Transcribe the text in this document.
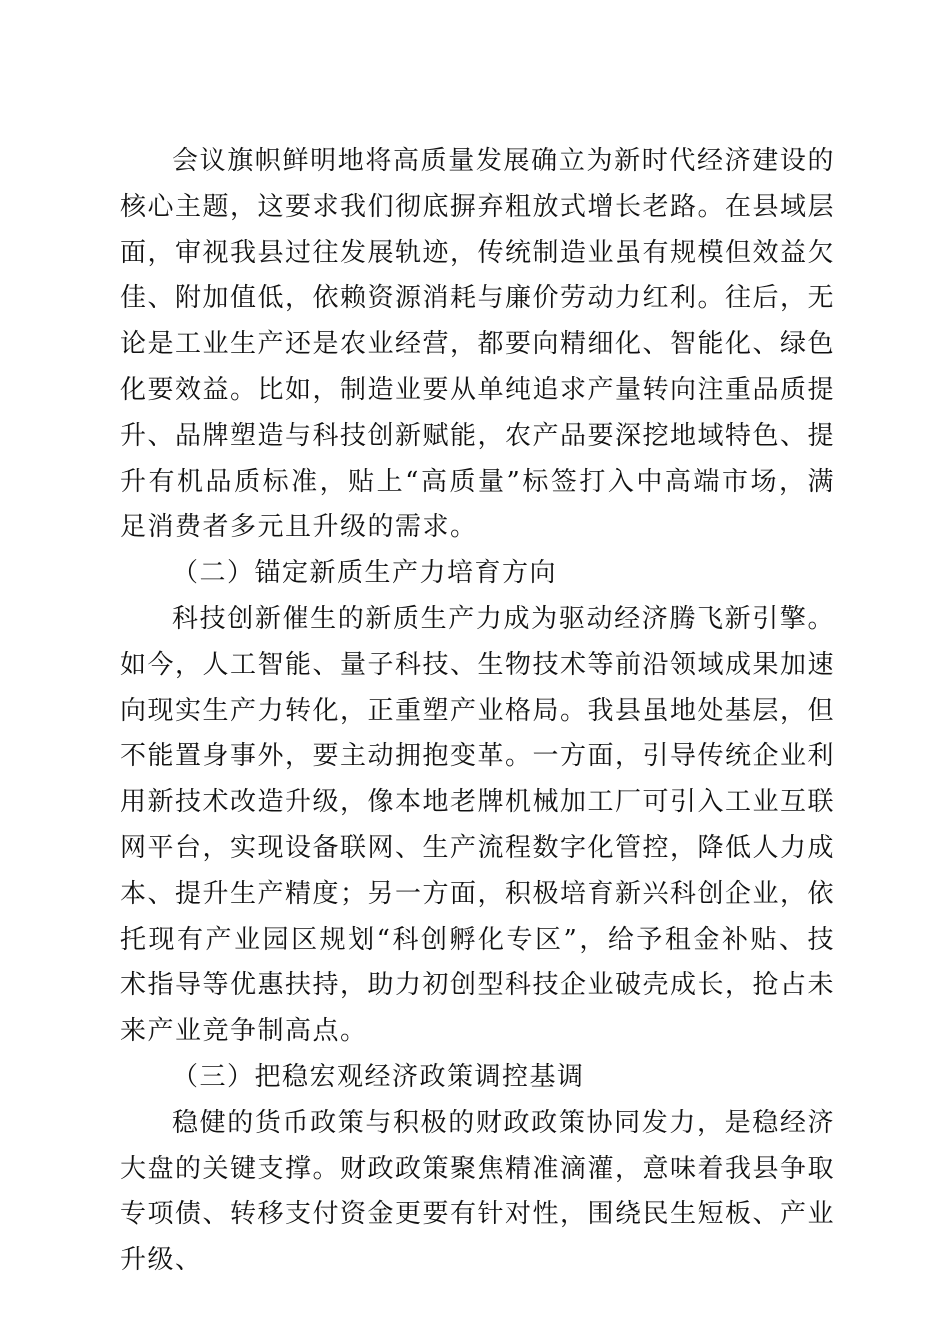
会议旗帜鲜明地将高质量发展确立为新时代经济建设的核心主题，这要求我们彻底摒弃粗放式增长老路。在县域层面，审视我县过往发展轨迹，传统制造业虽有规模但效益欠佳、附加值低，依赖资源消耗与廉价劳动力红利。往后，无论是工业生产还是农业经营，都要向精细化、智能化、绿色化要效益。比如，制造业要从单纯追求产量转向注重品质提升、品牌塑造与科技创新赋能，农产品要深挖地域特色、提升有机品质标准，贴上“高质量”标签打入中高端市场，满足消费者多元且升级的需求。

（二）锚定新质生产力培育方向

科技创新催生的新质生产力成为驱动经济腾飞新引擎。如今，人工智能、量子科技、生物技术等前沿领域成果加速向现实生产力转化，正重塑产业格局。我县虽地处基层，但不能置身事外，要主动拥抱变革。一方面，引导传统企业利用新技术改造升级，像本地老牌机械加工厂可引入工业互联网平台，实现设备联网、生产流程数字化管控，降低人力成本、提升生产精度；另一方面，积极培育新兴科创企业，依托现有产业园区规划“科创孵化专区”，给予租金补贴、技术指导等优惠扶持，助力初创型科技企业破壳成长，抢占未来产业竞争制高点。

（三）把稳宏观经济政策调控基调

稳健的货币政策与积极的财政政策协同发力，是稳经济大盘的关键支撑。财政政策聚焦精准滴灌，意味着我县争取专项债、转移支付资金更要有针对性，围绕民生短板、产业升级、
